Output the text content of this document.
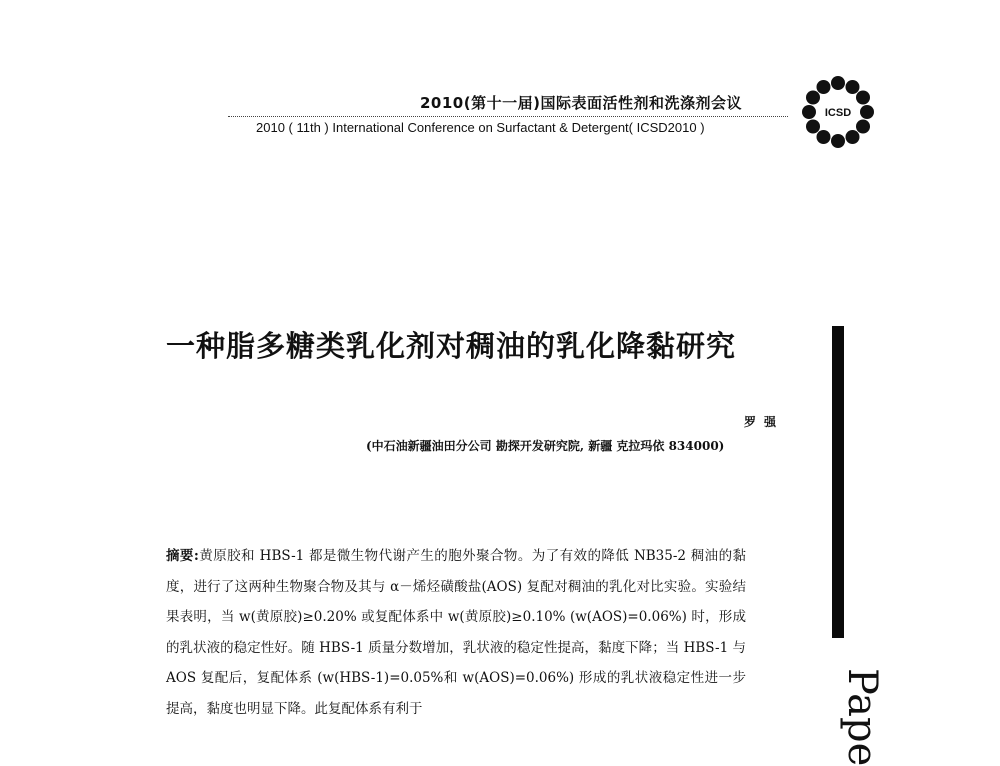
2010(第十一届)国际表面活性剂和洗涤剂会议
2010 ( 11th ) International Conference on Surfactant & Detergent( ICSD2010 )
ICSD
一种脂多糖类乳化剂对稠油的乳化降黏研究
罗强
(中石油新疆油田分公司 勘探开发研究院, 新疆 克拉玛依 834000)
摘要:黄原胶和 HBS-1 都是微生物代谢产生的胞外聚合物。为了有效的降低 NB35-2 稠油的黏度，进行了这两种生物聚合物及其与 α－烯烃磺酸盐(AOS) 复配对稠油的乳化对比实验。实验结果表明，当 w(黄原胶)≥0.20% 或复配体系中 w(黄原胶)≥0.10% (w(AOS)=0.06%) 时，形成的乳状液的稳定性好。随 HBS-1 质量分数增加，乳状液的稳定性提高，黏度下降；当 HBS-1 与 AOS 复配后，复配体系 (w(HBS-1)=0.05%和 w(AOS)=0.06%) 形成的乳状液稳定性进一步提高，黏度也明显下降。此复配体系有利于	Pape
